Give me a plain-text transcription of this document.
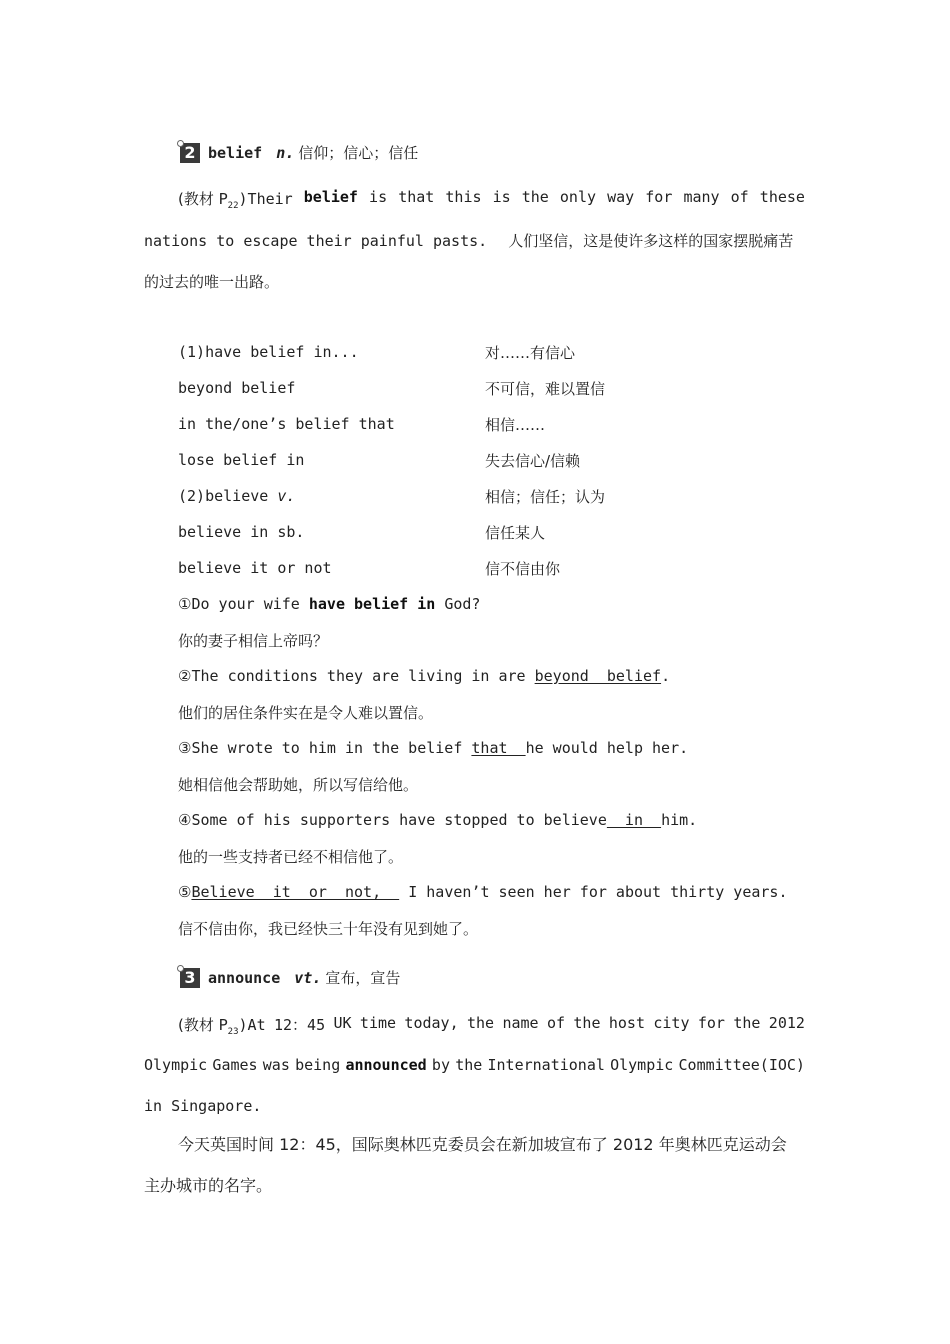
2 belief n. 信仰；信心；信任
(教材 $P_{22})Their$ belief is that this is the only way for many of these
nations to escape their painful pasts. 人们坚信，这是使许多这样的国家摆脱痛苦
的过去的唯一出路。
(1)have belief in...	对……有信心
beyond belief	不可信，难以置信
in the/one’s belief that	相信……
lose belief in	失去信心/信赖
(2)believe v.	相信；信任；认为
believe in sb.	信任某人
believe it or not	信不信由你
①Do your wife have belief in God?
你的妻子相信上帝吗？
②The conditions they are living in are beyond  belief.
他们的居住条件实在是令人难以置信。
③She wrote to him in the belief that  he would help her.
她相信他会帮助她，所以写信给他。
④Some of his supporters have stopped to believe  in  him.
他的一些支持者已经不相信他了。
⑤Believe  it  or  not,   I haven’t seen her for about thirty years.
信不信由你，我已经快三十年没有见到她了。
3 announce vt. 宣布，宣告
(教材 $P_{23})At$ 12：45 UK time today, the name of the host city for the 2012
Olympic Games was being announced by the International Olympic Committee(IOC)
in Singapore.
今天英国时间 12：45，国际奥林匹克委员会在新加坡宣布了 2012 年奥林匹克运动会
主办城市的名字。
